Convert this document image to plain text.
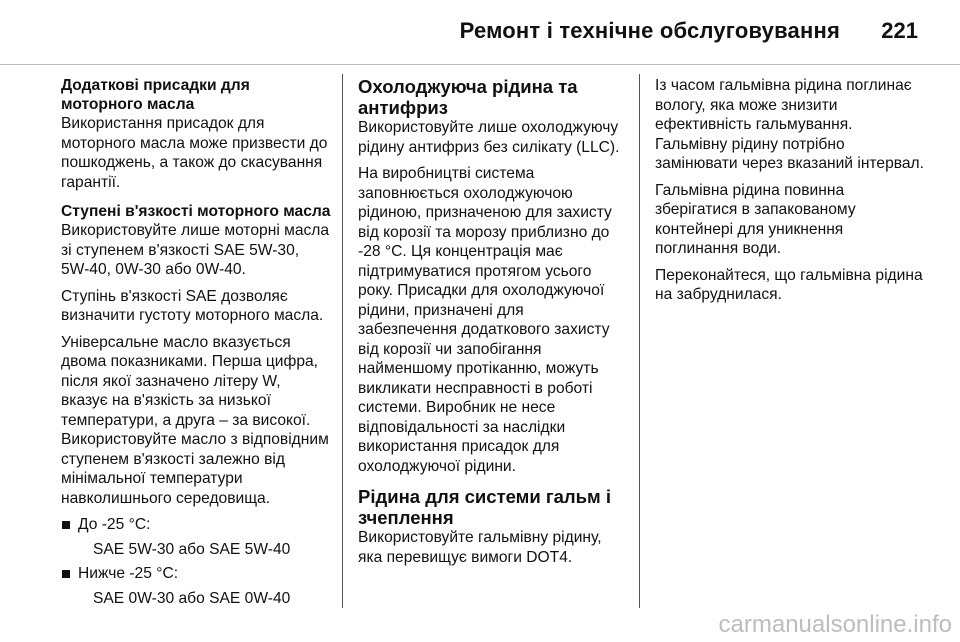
Ремонт і технічне обслуговування 221
Додаткові присадки для моторного масла

Використання присадок для моторного масла може призвести до пошкоджень, а також до скасування гарантії.

Ступені в'язкості моторного масла

Використовуйте лише моторні масла зі ступенем в'язкості SAE 5W-30, 5W-40, 0W-30 або 0W-40.

Ступінь в'язкості SAE дозволяє визначити густоту моторного масла.

Універсальне масло вказується двома показниками. Перша цифра, після якої зазначено літеру W, вказує на в'язкість за низької температури, а друга – за високої. Використовуйте масло з відповідним ступенем в'язкості залежно від мінімальної температури навколишнього середовища.

До -25 °C:
SAE 5W-30 або SAE 5W-40
Нижче -25 °C:
SAE 0W-30 або SAE 0W-40
Охолоджуюча рідина та антифриз

Використовуйте лише охолоджуючу рідину антифриз без силікату (LLC).

На виробництві система заповнюється охолоджуючою рідиною, призначеною для захисту від корозії та морозу приблизно до -28 °C. Ця концентрація має підтримуватися протягом усього року. Присадки для охолоджуючої рідини, призначені для забезпечення додаткового захисту від корозії чи запобігання найменшому протіканню, можуть викликати несправності в роботі системи. Виробник не несе відповідальності за наслідки використання присадок для охолоджуючої рідини.

Рідина для системи гальм і зчеплення

Використовуйте гальмівну рідину, яка перевищує вимоги DOT4.

Із часом гальмівна рідина поглинає вологу, яка може знизити ефективність гальмування. Гальмівну рідину потрібно замінювати через вказаний інтервал.

Гальмівна рідина повинна зберігатися в запакованому контейнері для уникнення поглинання води.

Переконайтеся, що гальмівна рідина на забруднилася.

carmanualsonline.info
